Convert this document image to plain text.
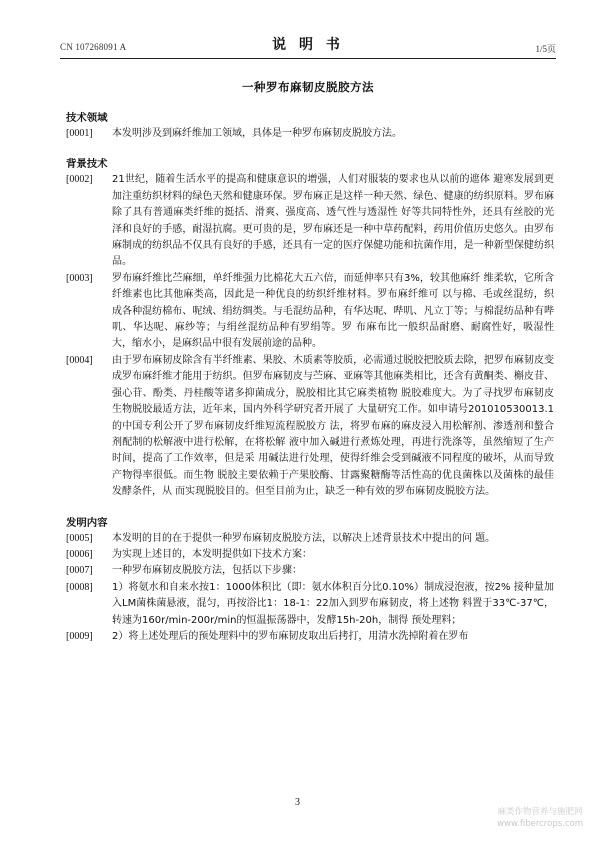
CN 107268091 A	说 明 书	1/5页
一种罗布麻韧皮脱胶方法
技术领域
[0001] 本发明涉及到麻纤维加工领域，具体是一种罗布麻韧皮脱胶方法。
背景技术
[0002] 21世纪，随着生活水平的提高和健康意识的增强，人们对服装的要求也从以前的遮体 避寒发展到更加注重纺织材料的绿色天然和健康环保。罗布麻正是这样一种天然、绿色、健康的纺织原料。罗布麻除了具有普通麻类纤维的挺括、滑爽、强度高、透气性与透湿性 好等共同特性外，还具有丝胶的光泽和良好的手感，耐湿抗腐。更可贵的是，罗布麻还是一种中草药配料，药用价值历史悠久。由罗布麻制成的纺织品不仅具有良好的手感，还具有一定的医疗保健功能和抗菌作用，是一种新型保健纺织品。
[0003] 罗布麻纤维比苎麻细，单纤维强力比棉花大五六倍，而延伸率只有3%，较其他麻纤 维柔软，它所含纤维素也比其他麻类高，因此是一种优良的纺织纤维材料。罗布麻纤维可 以与棉、毛或丝混纺，织成各种混纺棉布、呢绒、绢纺绸类。与毛混纺品种，有华达呢、哔叽、凡立丁等；与棉混纺品种有哔叽、华达呢、麻纱等；与绢丝混纺品种有罗绢等。罗 布麻布比一般织品耐磨、耐腐性好，吸湿性大，缩水小，是麻织品中很有发展前途的品种。
[0004] 由于罗布麻韧皮除含有半纤维素、果胶、木质素等胶质，必需通过脱胶把胶质去除，把罗布麻韧皮变成罗布麻纤维才能用于纺织。但罗布麻韧皮与苎麻、亚麻等其他麻类相比，还含有黄酮类、槲皮苷、强心苷、酚类、丹桂酸等诸多抑菌成分，脱胶相比其它麻类植物 脱胶难度大。为了寻找罗布麻韧皮生物脱胶最适方法，近年来，国内外科学研究者开展了 大量研究工作。如申请号201010530013.1的中国专利公开了罗布麻韧皮纤维短流程脱胶方 法，将罗布麻的麻皮浸入用松解剂、渗透剂和螯合剂配制的松解液中进行松解，在将松解 液中加入碱进行煮炼处理，再进行洗涤等，虽然缩短了生产时间，提高了工作效率，但是采 用碱法进行处理，使得纤维会受到碱液不同程度的破坏，从而导致产物得率很低。而生物 脱胶主要依赖于产果胶酶、甘露聚糖酶等活性高的优良菌株以及菌株的最佳发酵条件，从 而实现脱胶目的。但至目前为止，缺乏一种有效的罗布麻韧皮脱胶方法。
发明内容
[0005] 本发明的目的在于提供一种罗布麻韧皮脱胶方法，以解决上述背景技术中提出的问 题。
[0006] 为实现上述目的，本发明提供如下技术方案：
[0007] 一种罗布麻韧皮脱胶方法，包括以下步骤：
[0008] 1）将氨水和自来水按1：1000体积比（即：氨水体积百分比0.10%）制成浸泡液，按2% 接种量加入LM菌株菌悬液，混匀，再按浴比1：18-1：22加入到罗布麻韧皮，将上述物 料置于33℃-37℃，转速为160r/min-200r/min的恒温振荡器中，发酵15h-20h，制得 预处理料；
[0009] 2）将上述处理后的预处理料中的罗布麻韧皮取出后拷打，用清水洗掉附着在罗布
3
麻类作物营养与施肥网
www.fibercrops.com
